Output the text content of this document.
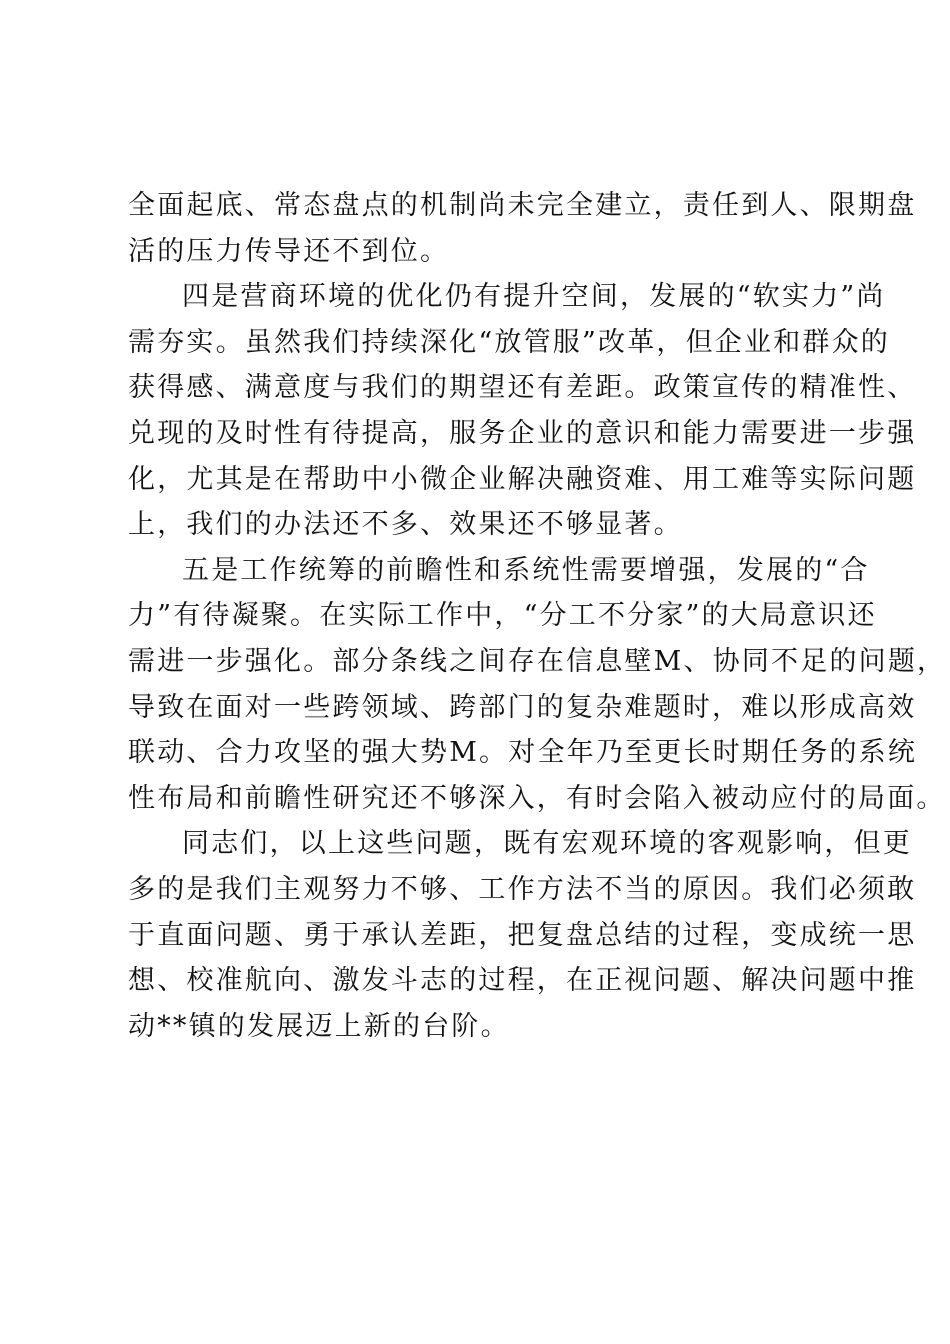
全面起底、常态盘点的机制尚未完全建立，责任到人、限期盘
活的压力传导还不到位。
四是营商环境的优化仍有提升空间，发展的“软实力”尚
需夯实。虽然我们持续深化“放管服”改革，但企业和群众的
获得感、满意度与我们的期望还有差距。政策宣传的精准性、
兑现的及时性有待提高，服务企业的意识和能力需要进一步强
化，尤其是在帮助中小微企业解决融资难、用工难等实际问题
上，我们的办法还不多、效果还不够显著。
五是工作统筹的前瞻性和系统性需要增强，发展的“合
力”有待凝聚。在实际工作中，“分工不分家”的大局意识还
需进一步强化。部分条线之间存在信息壁M、协同不足的问题，
导致在面对一些跨领域、跨部门的复杂难题时，难以形成高效
联动、合力攻坚的强大势M。对全年乃至更长时期任务的系统
性布局和前瞻性研究还不够深入，有时会陷入被动应付的局面。
同志们，以上这些问题，既有宏观环境的客观影响，但更
多的是我们主观努力不够、工作方法不当的原因。我们必须敢
于直面问题、勇于承认差距，把复盘总结的过程，变成统一思
想、校准航向、激发斗志的过程，在正视问题、解决问题中推
动**镇的发展迈上新的台阶。
